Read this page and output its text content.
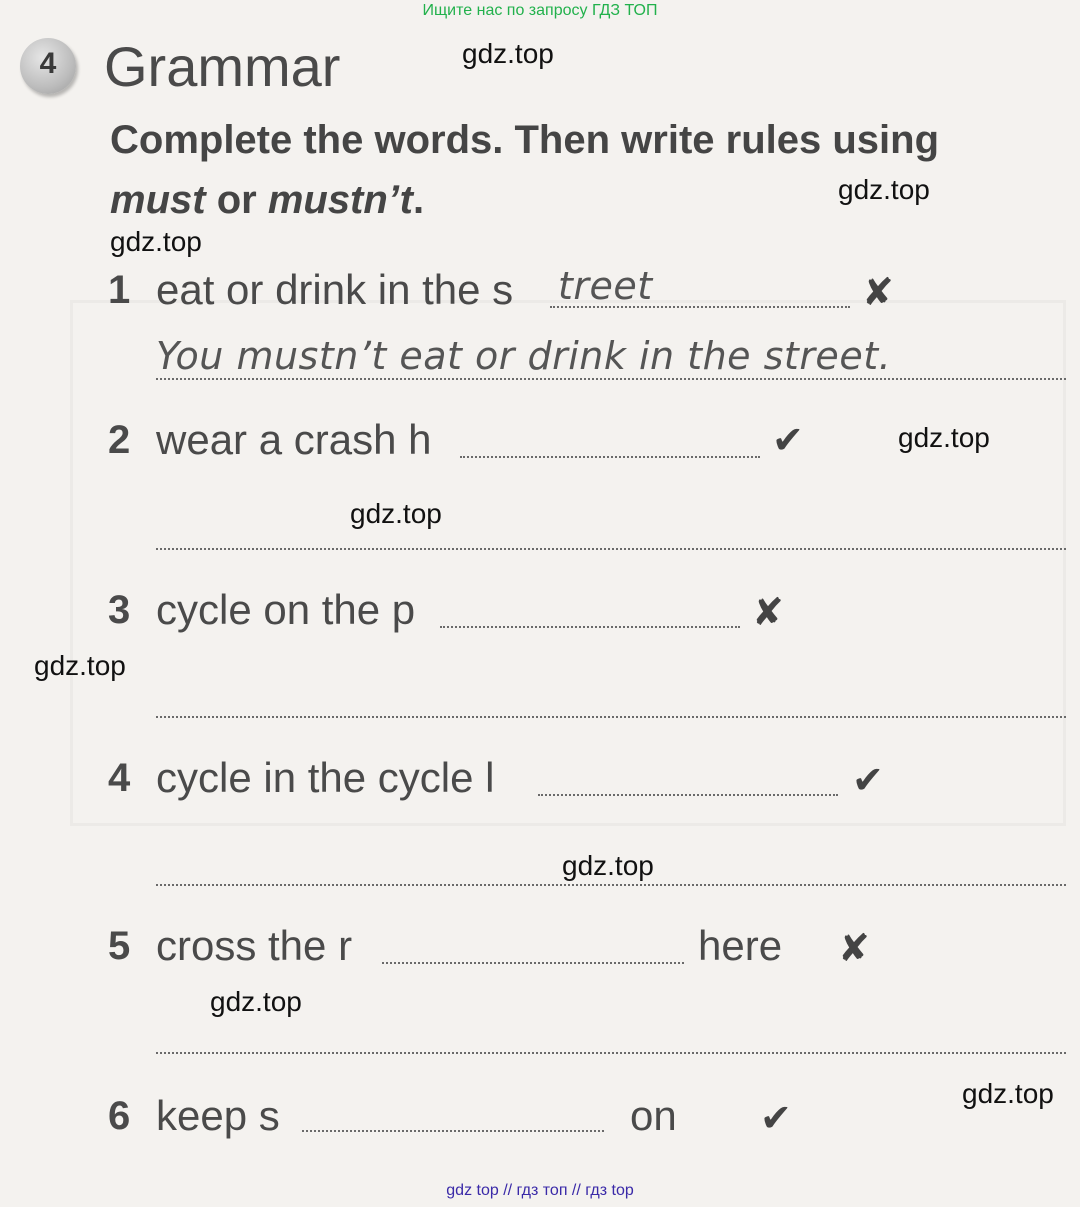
Ищите нас по запросу ГДЗ ТОП
4 Grammar
Complete the words. Then write rules using
must or mustn’t.
1 eat or drink in the s treet	✘
You mustn’t eat or drink in the street.
2 wear a crash h	✔
3 cycle on the p	✘
4 cycle in the cycle l	✔
5 cross the r	here ✘
6 keep s	on ✔
gdz.top
gdz.top
gdz.top
gdz.top
gdz.top
gdz.top
gdz.top
gdz.top
gdz.top
gdz top // гдз топ // гдз top
